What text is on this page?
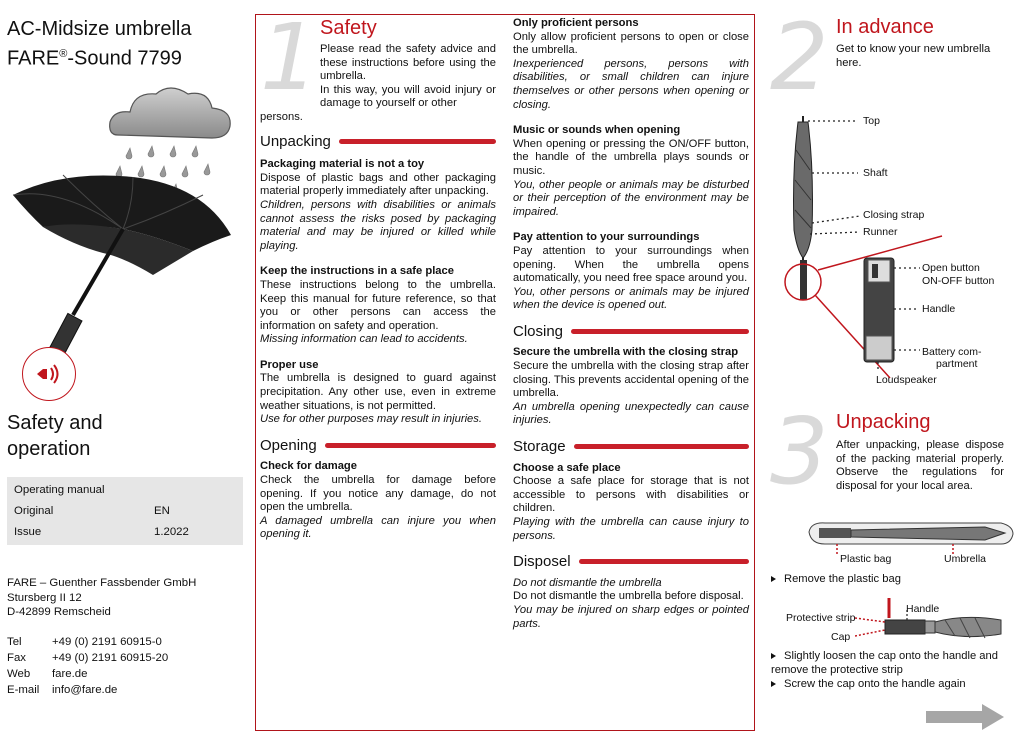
AC-Midsize umbrella
FARE®-Sound 7799
Safety and
operation
Operating manual
Original	EN
Issue	1.2022
FARE – Guenther Fassbender GmbH
Stursberg II 12
D-42899 Remscheid
Tel	+49 (0) 2191 60915-0
Fax	+49 (0) 2191 60915-20
Web	fare.de
E-mail	info@fare.de
1 Safety

Please read the safety advice and these instructions before using the umbrella.

In this way, you will avoid injury or damage to yourself or other

persons.

Unpacking
Packaging material is not a toy

Dispose of plastic bags and other packaging material properly immediately after unpacking.

Children, persons with disabilities or animals cannot assess the risks posed by packaging material and may be injured or killed while playing.

Keep the instructions in a safe place

These instructions belong to the umbrella. Keep this manual for future reference, so that you or other persons can access the information on safety and operation.

Missing information can lead to accidents.

Proper use

The umbrella is designed to guard against precipitation. Any other use, even in extreme weather situations, is not permitted.

Use for other purposes may result in injuries.

Opening
Check for damage

Check the umbrella for damage before opening. If you notice any damage, do not open the umbrella.

A damaged umbrella can injure you when opening it.

Only proficient persons

Only allow proficient persons to open or close the umbrella.

Inexperienced persons, persons with disabilities, or small children can injure themselves or other persons when opening or closing.

Music or sounds when opening

When opening or pressing the ON/OFF button, the handle of the umbrella plays sounds or music.

You, other people or animals may be disturbed or their perception of the environment may be impaired.

Pay attention to your surroundings

Pay attention to your surroundings when opening. When the umbrella opens automatically, you need free space around you.

You, other persons or animals may be injured when the device is opened out.

Closing
Secure the umbrella with the closing strap

Secure the umbrella with the closing strap after closing. This prevents accidental opening of the umbrella.

An umbrella opening unexpectedly can cause injuries.

Storage
Choose a safe place

Choose a safe place for storage that is not accessible to persons with disabilities or children.

Playing with the umbrella can cause injury to persons.

Disposel

Do not dismantle the umbrella

Do not dismantle the umbrella before disposal.

You may be injured on sharp edges or pointed parts.

2 In advance
Get to know your new umbrella here.
Top
Shaft
Closing strap
Runner
Open button
ON-OFF button
Handle
Battery com-
partment
Loudspeaker
3 Unpacking
After unpacking, please dispose of the packing material properly. Observe the regulations for disposal for your local area.
Plastic bag	Umbrella
Remove the plastic bag
Protective strip
Handle
Cap
Slightly loosen the cap onto the handle and remove the protective strip
Screw the cap onto the handle again
